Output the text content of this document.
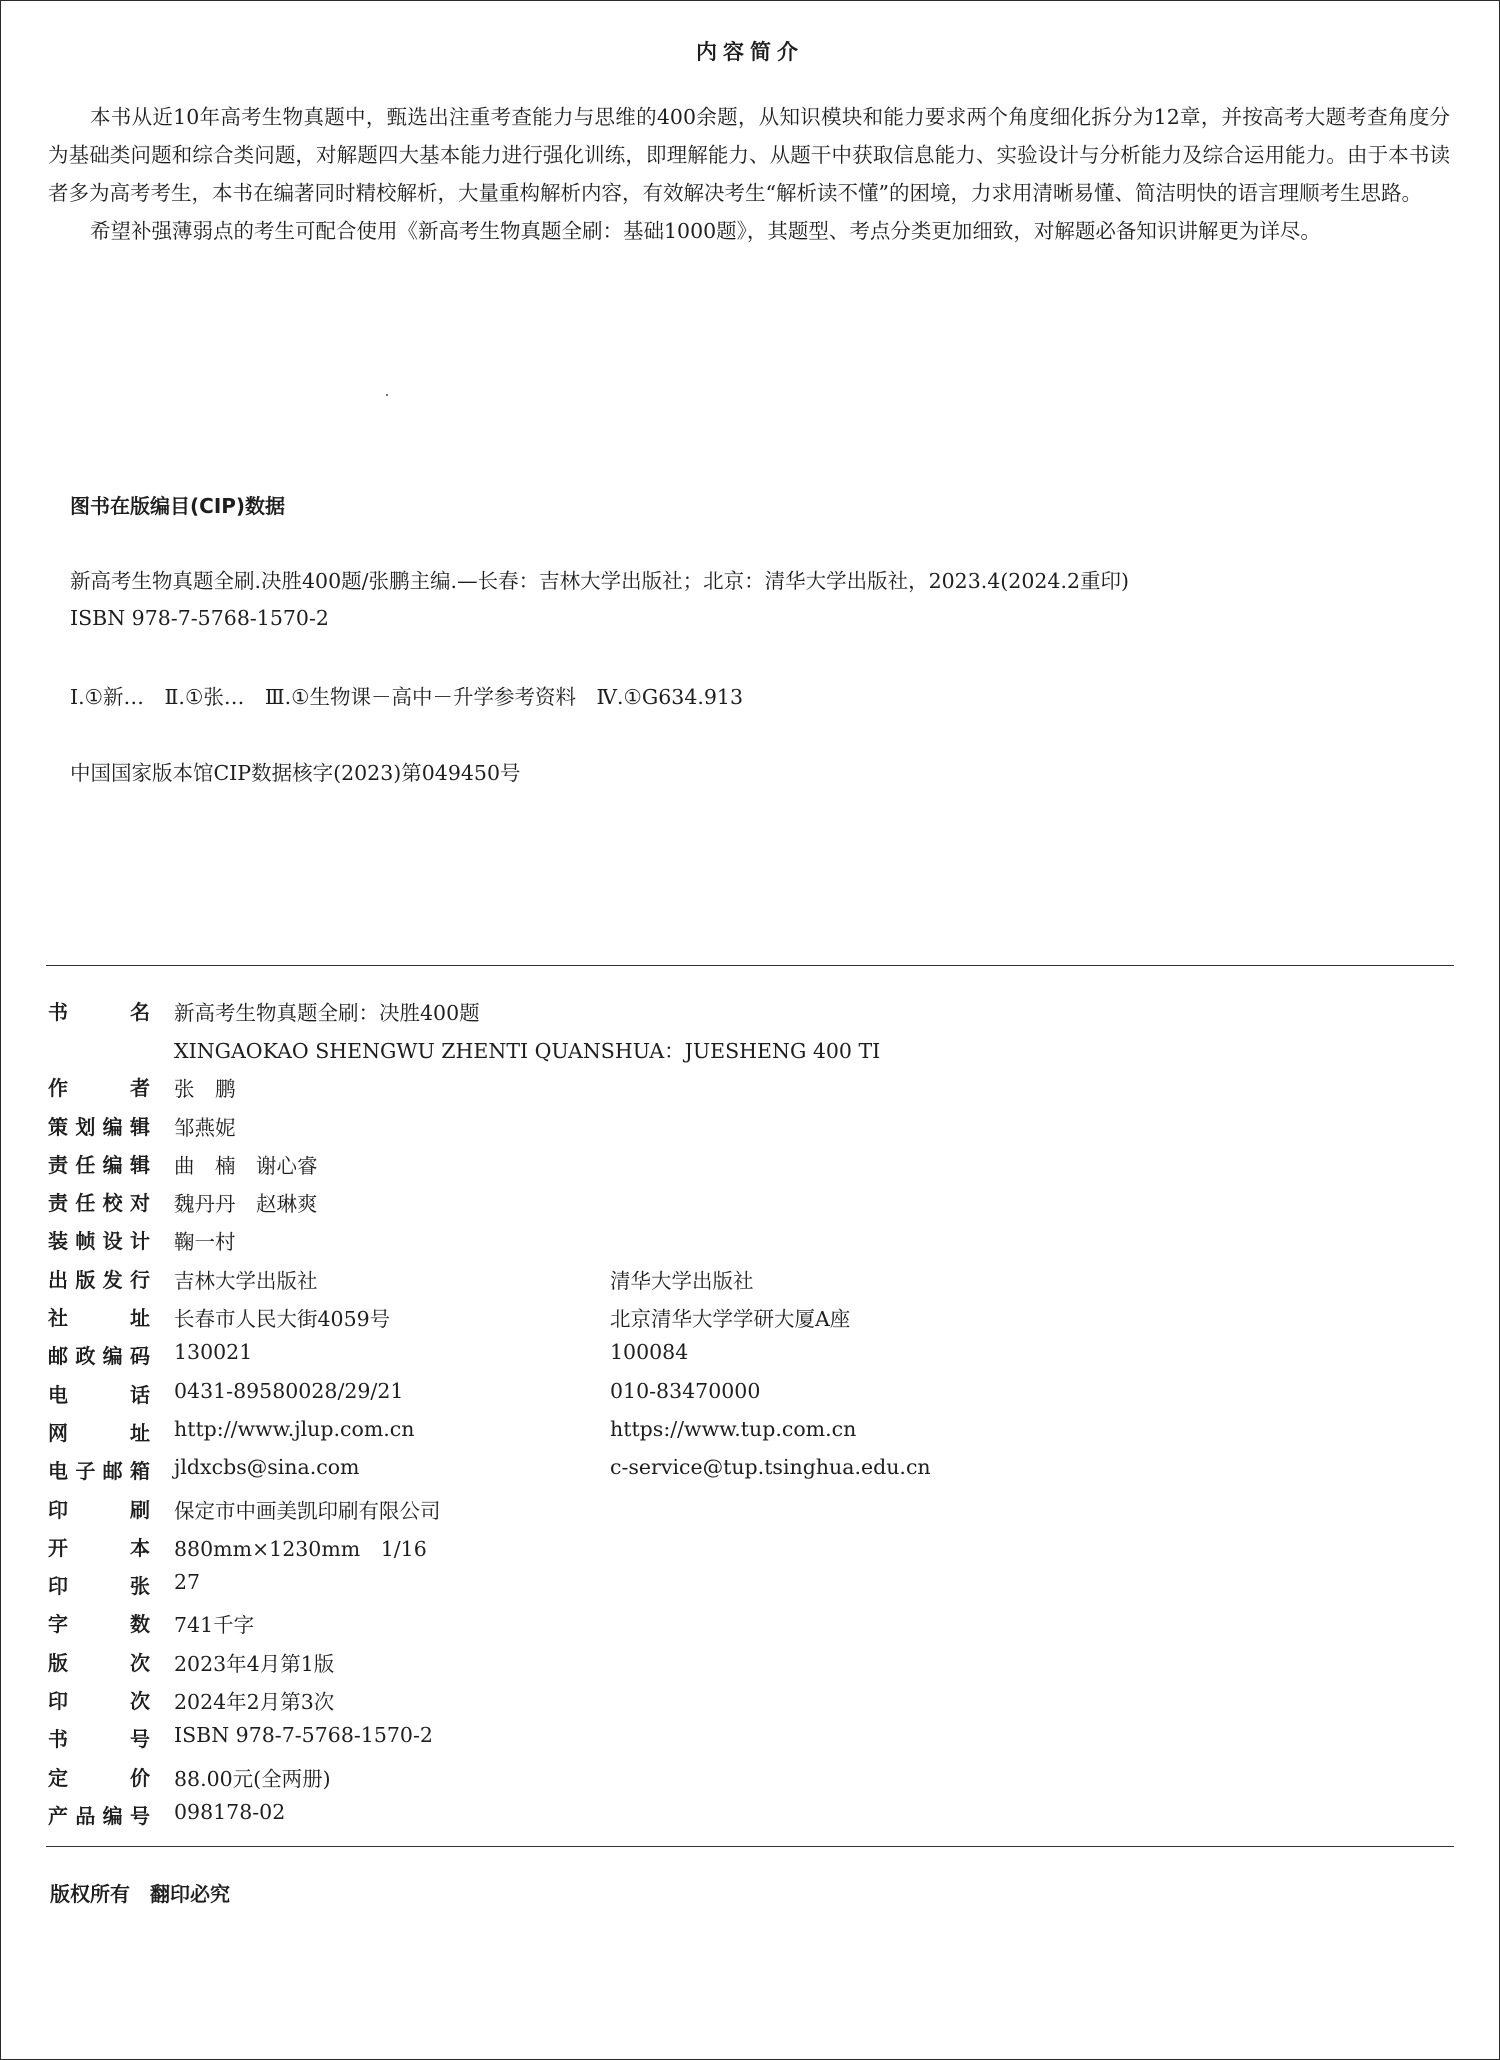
内容简介

本书从近10年高考生物真题中，甄选出注重考查能力与思维的400余题，从知识模块和能力要求两个角度细化拆分为12章，并按高考大题考查角度分为基础类问题和综合类问题，对解题四大基本能力进行强化训练，即理解能力、从题干中获取信息能力、实验设计与分析能力及综合运用能力。由于本书读者多为高考考生，本书在编著同时精校解析，大量重构解析内容，有效解决考生“解析读不懂”的困境，力求用清晰易懂、简洁明快的语言理顺考生思路。

希望补强薄弱点的考生可配合使用《新高考生物真题全刷：基础1000题》，其题型、考点分类更加细致，对解题必备知识讲解更为详尽。

图书在版编目(CIP)数据
新高考生物真题全刷.决胜400题/张鹏主编.—长春：吉林大学出版社；北京：清华大学出版社，2023.4(2024.2重印)
ISBN 978-7-5768-1570-2
Ⅰ.①新…　Ⅱ.①张…　Ⅲ.①生物课－高中－升学参考资料　Ⅳ.①G634.913
中国国家版本馆CIP数据核字(2023)第049450号
书	名 新高考生物真题全刷：决胜400题
XINGAOKAO SHENGWU ZHENTI QUANSHUA：JUESHENG 400 TI
作	者 张　鹏
策 划 编 辑 邹燕妮
责 任 编 辑 曲　楠　谢心睿
责 任 校 对 魏丹丹　赵琳爽
装 帧 设 计 鞠一村
出 版 发 行 吉林大学出版社	清华大学出版社
社	址 长春市人民大街4059号	北京清华大学学研大厦A座
邮 政 编 码 130021	100084
电	话 0431-89580028/29/21	010-83470000
网	址 http://www.jlup.com.cn	https://www.tup.com.cn
电 子 邮 箱 jldxcbs@sina.com	c-service@tup.tsinghua.edu.cn
印	刷 保定市中画美凯印刷有限公司
开	本 880mm×1230mm　1/16
印	张 27
字	数 741千字
版	次 2023年4月第1版
印	次 2024年2月第3次
书	号 ISBN 978-7-5768-1570-2
定	价 88.00元(全两册)
产 品 编 号 098178-02
版权所有　翻印必究
